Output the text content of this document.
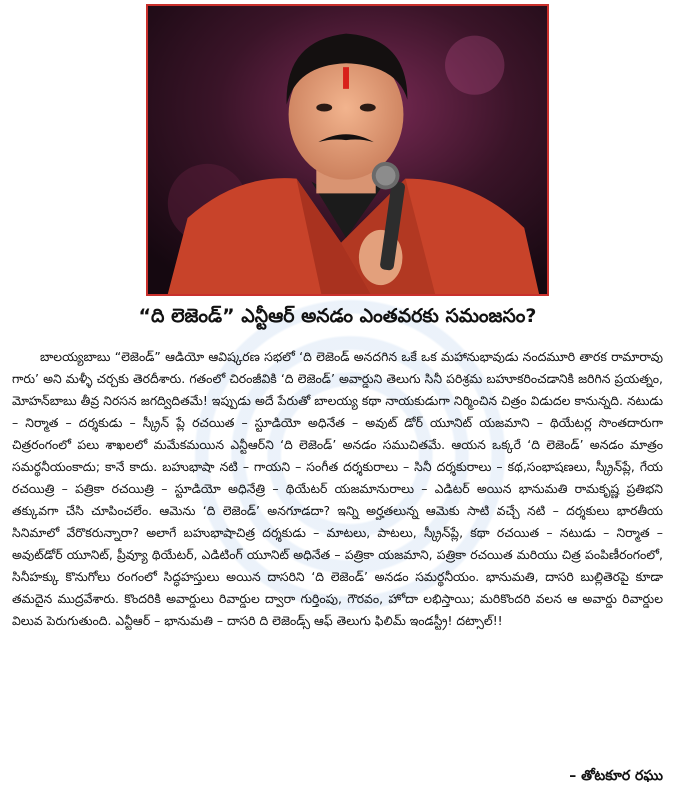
“ది లెజెండ్” ఎన్టీఆర్ అనడం ఎంతవరకు సమంజసం?

బాలయ్యబాబు “లెజెండ్” ఆడియో ఆవిష్కరణ సభలో ‘ది లెజెండ్ అనదగిన ఒకే ఒక మహానుభావుడు నందమూరి తారక రామారావు గారు’ అని మళ్ళీ చర్చకు తెరదీశారు. గతంలో చిరంజీవికి ‘ది లెజెండ్’ అవార్డుని తెలుగు సినీ పరిశ్రమ బహూకరించడానికి జరిగిన ప్రయత్నం, మోహన్‌బాబు తీవ్ర నిరసన జగద్విదితమే! ఇప్పుడు అదే పేరుతో బాలయ్య కథా నాయకుడుగా నిర్మించిన చిత్రం విడుదల కానున్నది. నటుడు – నిర్మాత – దర్శకుడు – స్క్రీన్ ప్లే రచయిత – స్టూడియో అధినేత – అవుట్ డోర్ యూనిట్ యజమాని – థియేటర్ల సొంతదారుగా చిత్రరంగంలో పలు శాఖలలో మమేకమయిన ఎన్టీఆర్‌ని ‘ది లెజెండ్’ అనడం సముచితమే. ఆయన ఒక్కరే ‘ది లెజెండ్’ అనడం మాత్రం సమర్థనీయంకాదు; కానే కాదు. బహుభాషా నటి – గాయని – సంగీత దర్శకురాలు – సినీ దర్శకురాలు – కథ,సంభాషణలు, స్క్రీన్‌ప్లే, గేయ రచయిత్రి – పత్రికా రచయిత్రి – స్టూడియో అధినేత్రి – థియేటర్ యజమానురాలు – ఎడిటర్ అయిన భానుమతి రామకృష్ణ ప్రతిభని తక్కువగా చేసి చూపించలేం. ఆమెను ‘ది లెజెండ్’ అనగూడదా? ఇన్ని అర్హతలున్న ఆమెకు సాటి వచ్చే నటి – దర్శకులు భారతీయ సినిమాలో వేరొకరున్నారా? అలాగే బహుభాషాచిత్ర దర్శకుడు – మాటలు, పాటలు, స్క్రీన్‌ప్లే, కథా రచయిత – నటుడు – నిర్మాత – అవుట్‌డోర్ యూనిట్, ప్రీవ్యూ థియేటర్, ఎడిటింగ్ యూనిట్ అధినేత – పత్రికా యజమాని, పత్రికా రచయిత మరియు చిత్ర పంపిణీరంగంలో, సినీహక్కు కొనుగోలు రంగంలో సిద్ధహస్తులు అయిన దాసరిని ‘ది లెజెండ్’ అనడం సమర్థనీయం. భానుమతి, దాసరి బుల్లితెరపై కూడా తమదైన ముద్రవేశారు. కొందరికి అవార్డులు రివార్డుల ద్వారా గుర్తింపు, గౌరవం, హోదా లభిస్తాయి; మరికొందరి వలన ఆ అవార్డు రివార్డుల విలువ పెరుగుతుంది. ఎన్టీఆర్ – భానుమతి – దాసరి ది లెజెండ్స్ ఆఫ్ తెలుగు ఫిలిమ్ ఇండస్ట్రీ! దట్సాల్!!

– తోటకూర రఘు
